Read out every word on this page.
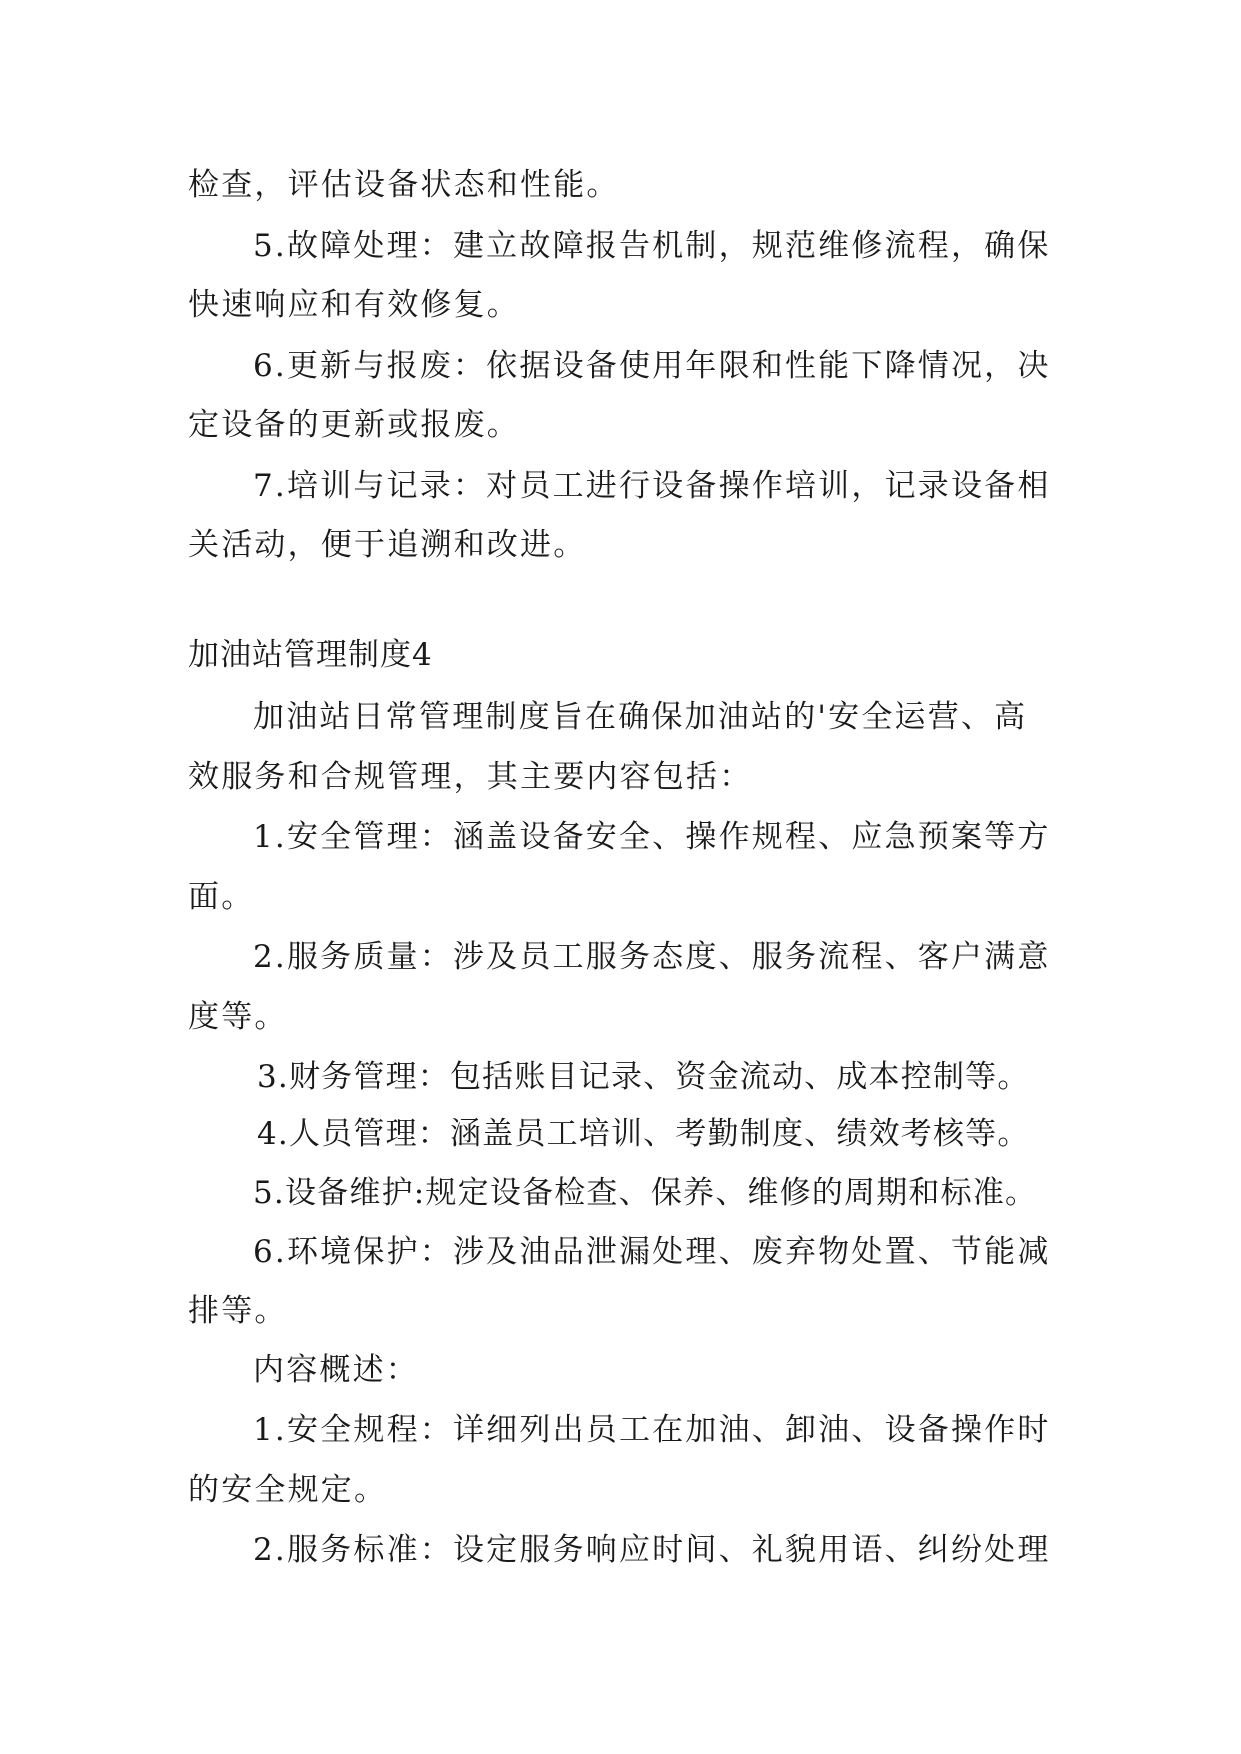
检查，评估设备状态和性能。

5.故障处理：建立故障报告机制，规范维修流程，确保

快速响应和有效修复。

6.更新与报废：依据设备使用年限和性能下降情况，决

定设备的更新或报废。

7.培训与记录：对员工进行设备操作培训，记录设备相

关活动，便于追溯和改进。

加油站管理制度4

加油站日常管理制度旨在确保加油站的'安全运营、高

效服务和合规管理，其主要内容包括：

1.安全管理：涵盖设备安全、操作规程、应急预案等方

面。

2.服务质量：涉及员工服务态度、服务流程、客户满意

度等。

3.财务管理：包括账目记录、资金流动、成本控制等。

4.人员管理：涵盖员工培训、考勤制度、绩效考核等。

5.设备维护:规定设备检查、保养、维修的周期和标准。

6.环境保护：涉及油品泄漏处理、废弃物处置、节能减

排等。

内容概述：

1.安全规程：详细列出员工在加油、卸油、设备操作时

的安全规定。

2.服务标准：设定服务响应时间、礼貌用语、纠纷处理
